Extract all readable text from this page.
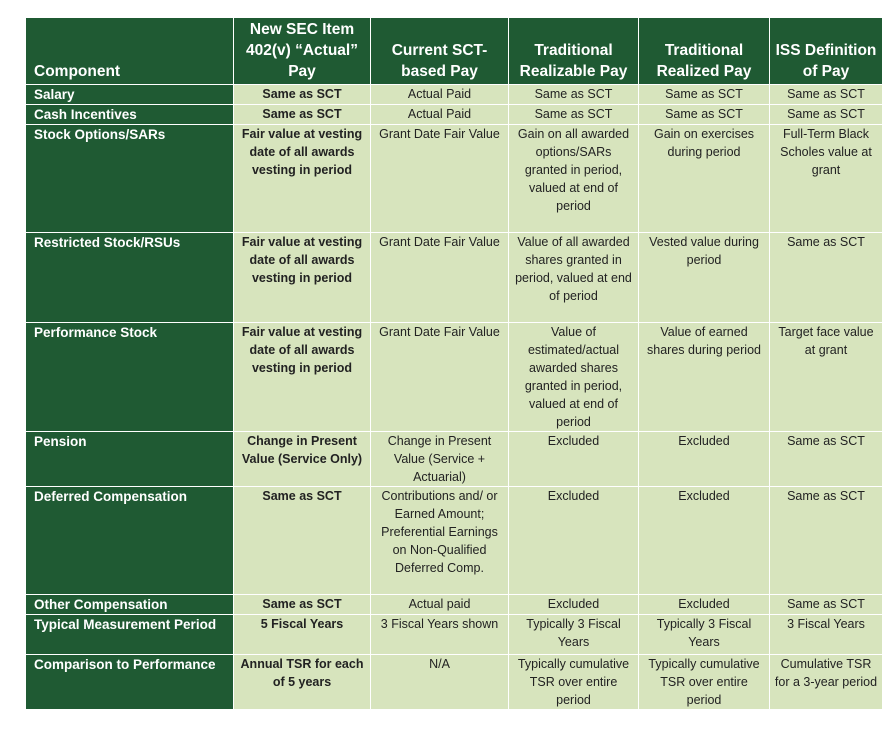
Component	New SEC Item 402(v) “Actual” Pay	Current SCT-based Pay	Traditional Realizable Pay	Traditional Realized Pay	ISS Definition of Pay
Salary	Same as SCT	Actual Paid	Same as SCT	Same as SCT	Same as SCT
Cash Incentives	Same as SCT	Actual Paid	Same as SCT	Same as SCT	Same as SCT
Stock Options/SARs	Fair value at vesting date of all awards vesting in period	Grant Date Fair Value	Gain on all awarded options/SARs granted in period, valued at end of period	Gain on exercises during period	Full-Term Black Scholes value at grant
Restricted Stock/RSUs	Fair value at vesting date of all awards vesting in period	Grant Date Fair Value	Value of all awarded shares granted in period, valued at end of period	Vested value during period	Same as SCT
Performance Stock	Fair value at vesting date of all awards vesting in period	Grant Date Fair Value	Value of estimated/actual awarded shares granted in period, valued at end of period	Value of earned shares during period	Target face value at grant
Pension	Change in Present Value (Service Only)	Change in Present Value (Service + Actuarial)	Excluded	Excluded	Same as SCT
Deferred Compensation	Same as SCT	Contributions and/ or Earned Amount; Preferential Earnings on Non-Qualified Deferred Comp.	Excluded	Excluded	Same as SCT
Other Compensation	Same as SCT	Actual paid	Excluded	Excluded	Same as SCT
Typical Measurement Period	5 Fiscal Years	3 Fiscal Years shown	Typically 3 Fiscal Years	Typically 3 Fiscal Years	3 Fiscal Years
Comparison to Performance	Annual TSR for each of 5 years	N/A	Typically cumulative TSR over entire period	Typically cumulative TSR over entire period	Cumulative TSR for a 3-year period
